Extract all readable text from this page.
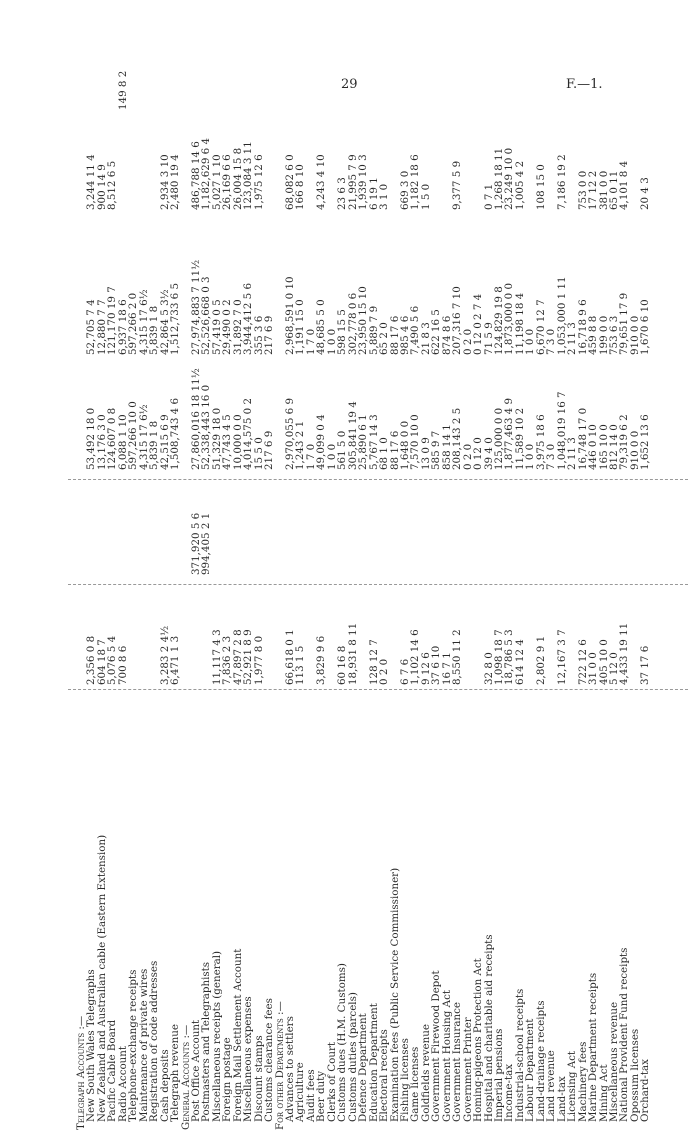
29	F.—1.
Telegraph Accounts :—
New South Wales Telegraphs
2,356 0 8
53,492 18 0
52,705 7 4
3,244 11 4
New Zealand and Australian cable (Eastern Extension)
604 18 7
13,176 3 0
12,880 7 7
900 14 9
Pacific Cable Board
5,076 5 4
124,607 0 8
121,170 19 7
8,512 6 5
Radio Account
700 8 6
6,088 1 10
6,937 18 6
Telephone-exchange receipts
597,266 10 0
597,266 2 0
Maintenance of private wires
4,315 17 6½
4,315 17 6½
Registration of code addresses
5,839 1 8
5,839 1 8
Cash deposits
3,283 2 4½
42,515 6 9
42,864 5 3½
2,934 3 10
Telegraph revenue
6,471 1 3
1,508,743 4 6
1,512,733 6 5
2,480 19 4
General Accounts :—
Post Office Account
371,920 5 6
27,860,016 18 11½
27,974,883 7 11½
486,788 14 6
Postmasters and Telegraphists
994,405 2 1
52,338,443 16 0
52,526,668 0 3
1,182,629 6 4
Miscellaneous receipts (general)
11,117 4 3
51,329 18 0
57,419 0 5
5,027 1 10
Foreign postage
7,836 2 3
47,743 4 5
29,490 0 2
26,169 6 6
Foreign Mail Settlement Account
47,897 2 8
10,000 0 0
31,892 7 0
26,004 15 8
Miscellaneous expenses
52,921 8 9
4,014,575 0 2
3,944,412 5 6
123,084 3 11
Discount stamps
1,977 8 0
15 5 0
355 3 6
1,975 12 6
Customs clearance fees
217 6 9
217 6 9
For other Departments :—
Advances to settlers
66,618 0 1
2,970,055 6 9
2,968,591 0 10
68,082 6 0
Agriculture
113 1 5
1,243 2 1
1,191 15 0
166 8 10
Audit fees
1 7 0
1 7 0
Beer duty
3,829 9 6
49,099 0 4
48,685 5 0
4,243 4 10
Clerks of Court
1 0 0
1 0 0
Customs dues (H.M. Customs)
60 16 8
561 5 0
598 15 5
23 6 3
Customs duties (parcels)
18,931 8 11
305,841 19 4
302,778 0 6
21,995 7 9
Defence Department
25,890 6 1
23,950 15 10
1,939 10 3
Education Department
128 12 7
5,767 14 3
5,889 7 9
6 19 1
Electoral receipts
0 2 0
68 1 0
65 2 0
3 1 0
Examination fees (Public Service Commissioner)
88 17 6
88 17 6
Fishing licenses
6 7 6
1,648 0 0
985 4 6
669 3 0
Game licenses
1,102 14 6
7,570 10 0
7,490 5 6
1,182 18 6
Goldfields revenue
9 12 6
13 0 9
21 8 3
1 5 0
Government Firewood Depot
37 6 10
585 9 7
622 16 5
Government Housing Act
16 7 1
858 14 1
874 8 6
Government Insurance
8,550 11 2
208,143 2 5
207,316 7 10
9,377 5 9
Government Printer
0 2 0
0 2 0
Homing-pigeons Protection Act
0 12 0
0 12 0
Hospital and charitable aid receipts
32 8 0
39 4 0
71 5 9
0 7 1
Imperial pensions
1,098 18 7
125,000 0 0
124,829 19 8
1,268 18 11
Income-tax
18,786 5 3
1,877,463 4 9
1,873,000 0 0
23,249 10 0
Industrial-school receipts
614 12 4
11,589 10 2
11,198 18 4
1,005 4 2
Labour Department
1 0 0
1 0 0
Land-drainage receipts
2,802 9 1
3,975 18 6
6,670 12 7
108 15 0
Land revenue
7 3 0
7 3 0
Land-tax
12,167 3 7
1,048,019 16 7
1,053,000 1 11
7,186 19 2
Licensing Act
2 11 3
2 11 3
Machinery fees
722 12 6
16,748 17 0
16,718 9 6
753 0 0
Marine Department receipts
31 0 0
446 0 10
459 8 8
17 12 2
Mining Act
405 10 0
165 10 0
199 0 0
381 0 0
Miscellaneous revenue
5 12 0
812 14 0
753 6 3
65 0 11
National Provident Fund receipts
4,433 19 11
79,319 6 2
79,651 17 9
4,101 8 4
Opossum licenses
910 0 0
910 0 0
Orchard-tax
37 17 6
1,652 13 6
1,670 6 10
20 4 3
149 8 2
2 7 4
